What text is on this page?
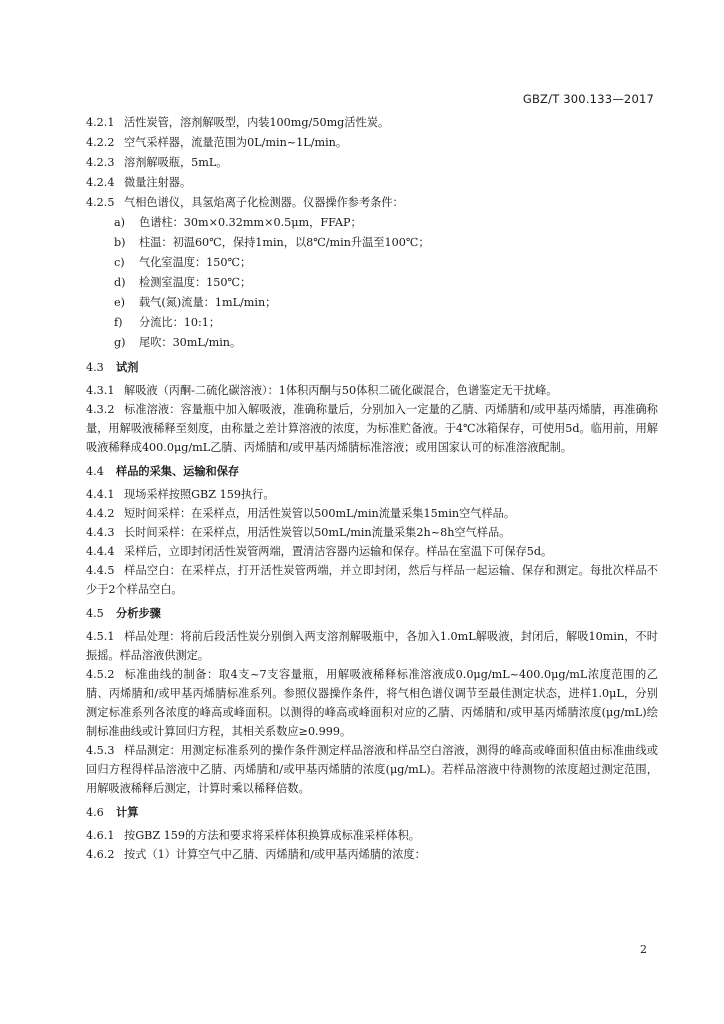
GBZ/T 300.133—2017
4.2.1 活性炭管，溶剂解吸型，内装100mg/50mg活性炭。
4.2.2 空气采样器，流量范围为0L/min~1L/min。
4.2.3 溶剂解吸瓶，5mL。
4.2.4 微量注射器。
4.2.5 气相色谱仪，具氢焰离子化检测器。仪器操作参考条件：
a) 色谱柱：30m×0.32mm×0.5μm，FFAP；
b) 柱温：初温60℃，保持1min，以8℃/min升温至100℃；
c) 气化室温度：150℃；
d) 检测室温度：150℃；
e) 载气(氮)流量：1mL/min；
f) 分流比：10:1；
g) 尾吹：30mL/min。
4.3 试剂
4.3.1 解吸液（丙酮-二硫化碳溶液）：1体积丙酮与50体积二硫化碳混合，色谱鉴定无干扰峰。
4.3.2 标准溶液：容量瓶中加入解吸液，准确称量后，分别加入一定量的乙腈、丙烯腈和/或甲基丙烯腈，再准确称量，用解吸液稀释至刻度，由称量之差计算溶液的浓度，为标准贮备液。于4℃冰箱保存，可使用5d。临用前，用解吸液稀释成400.0μg/mL乙腈、丙烯腈和/或甲基丙烯腈标准溶液；或用国家认可的标准溶液配制。
4.4 样品的采集、运输和保存
4.4.1 现场采样按照GBZ 159执行。
4.4.2 短时间采样：在采样点，用活性炭管以500mL/min流量采集15min空气样品。
4.4.3 长时间采样：在采样点，用活性炭管以50mL/min流量采集2h~8h空气样品。
4.4.4 采样后，立即封闭活性炭管两端，置清洁容器内运输和保存。样品在室温下可保存5d。
4.4.5 样品空白：在采样点，打开活性炭管两端，并立即封闭，然后与样品一起运输、保存和测定。每批次样品不少于2个样品空白。
4.5 分析步骤
4.5.1 样品处理：将前后段活性炭分别倒入两支溶剂解吸瓶中，各加入1.0mL解吸液，封闭后，解吸10min，不时振摇。样品溶液供测定。
4.5.2 标准曲线的制备：取4支~7支容量瓶，用解吸液稀释标准溶液成0.0μg/mL~400.0μg/mL浓度范围的乙腈、丙烯腈和/或甲基丙烯腈标准系列。参照仪器操作条件，将气相色谱仪调节至最佳测定状态，进样1.0μL，分别测定标准系列各浓度的峰高或峰面积。以测得的峰高或峰面积对应的乙腈、丙烯腈和/或甲基丙烯腈浓度(μg/mL)绘制标准曲线或计算回归方程，其相关系数应≥0.999。
4.5.3 样品测定：用测定标准系列的操作条件测定样品溶液和样品空白溶液，测得的峰高或峰面积值由标准曲线或回归方程得样品溶液中乙腈、丙烯腈和/或甲基丙烯腈的浓度(μg/mL)。若样品溶液中待测物的浓度超过测定范围，用解吸液稀释后测定，计算时乘以稀释倍数。
4.6 计算
4.6.1 按GBZ 159的方法和要求将采样体积换算成标准采样体积。
4.6.2 按式（1）计算空气中乙腈、丙烯腈和/或甲基丙烯腈的浓度：
2
